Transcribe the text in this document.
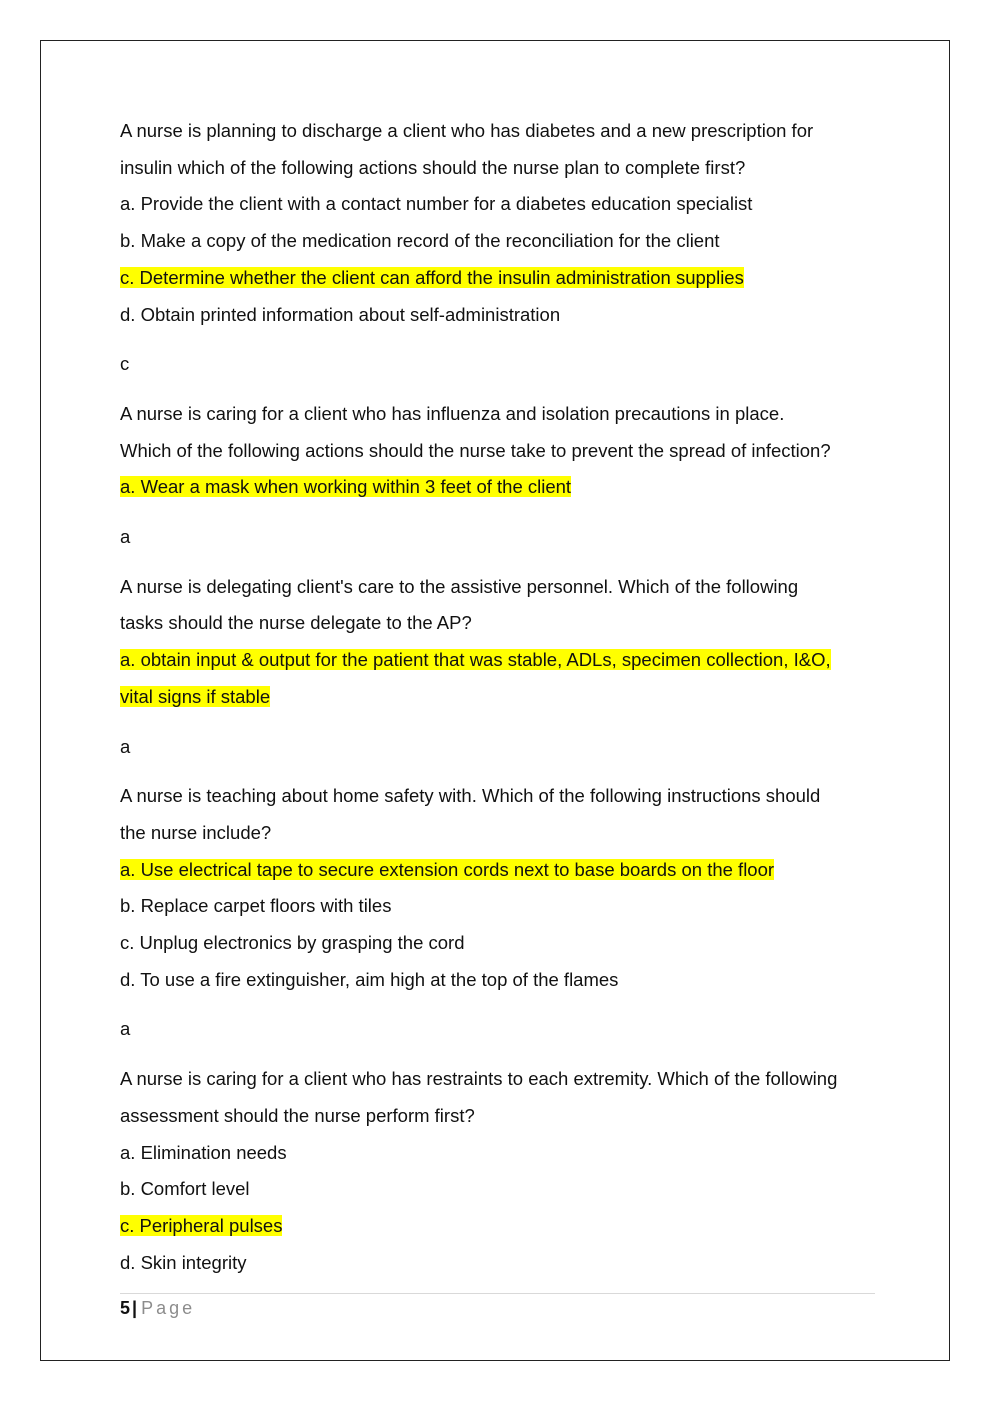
A nurse is planning to discharge a client who has diabetes and a new prescription for
insulin which of the following actions should the nurse plan to complete first?
a. Provide the client with a contact number for a diabetes education specialist
b. Make a copy of the medication record of the reconciliation for the client
c. Determine whether the client can afford the insulin administration supplies
d. Obtain printed information about self-administration
c
A nurse is caring for a client who has influenza and isolation precautions in place.
Which of the following actions should the nurse take to prevent the spread of infection?
a. Wear a mask when working within 3 feet of the client
a
A nurse is delegating client's care to the assistive personnel. Which of the following
tasks should the nurse delegate to the AP?
a. obtain input & output for the patient that was stable, ADLs, specimen collection, I&O,
vital signs if stable
a
A nurse is teaching about home safety with. Which of the following instructions should
the nurse include?
a. Use electrical tape to secure extension cords next to base boards on the floor
b. Replace carpet floors with tiles
c. Unplug electronics by grasping the cord
d. To use a fire extinguisher, aim high at the top of the flames
a
A nurse is caring for a client who has restraints to each extremity. Which of the following
assessment should the nurse perform first?
a. Elimination needs
b. Comfort level
c. Peripheral pulses
d. Skin integrity
5 | Page
